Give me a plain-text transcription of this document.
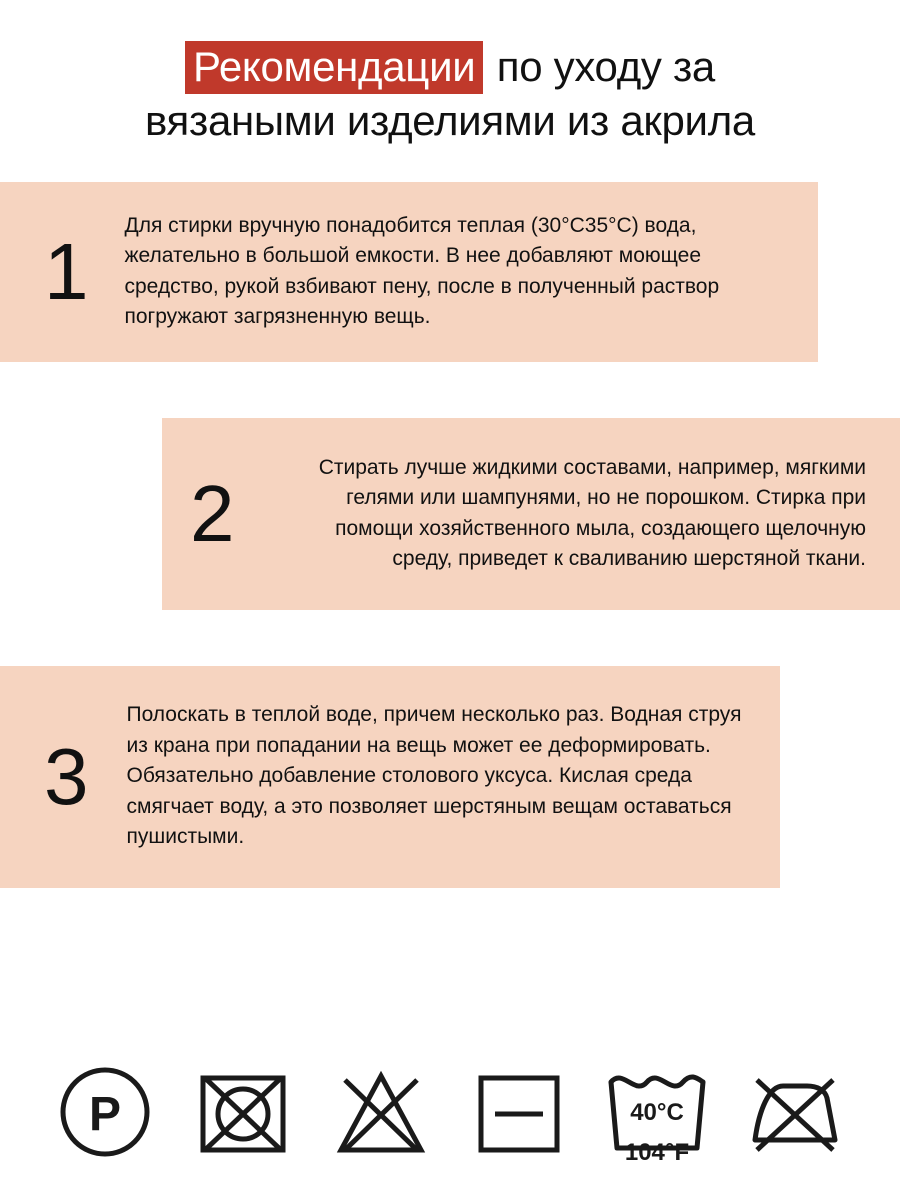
Рекомендации по уходу за
вязаными изделиями из акрила
1
Для стирки вручную понадобится теплая (30°С35°С) вода, желательно в большой емкости. В нее добавляют моющее средство, рукой взбивают пену, после в полученный раствор погружают загрязненную вещь.
2
Стирать лучше жидкими составами, например, мягкими гелями или шампунями, но не порошком. Стирка при помощи хозяйственного мыла, создающего щелочную среду, приведет к сваливанию шерстяной ткани.
3
Полоскать в теплой воде, причем несколько раз. Водная струя из крана при попадании на вещь может ее деформировать. Обязательно добавление столового уксуса. Кислая среда смягчает воду, а это позволяет шерстяным вещам оставаться пушистыми.
P	40°C
104°F
